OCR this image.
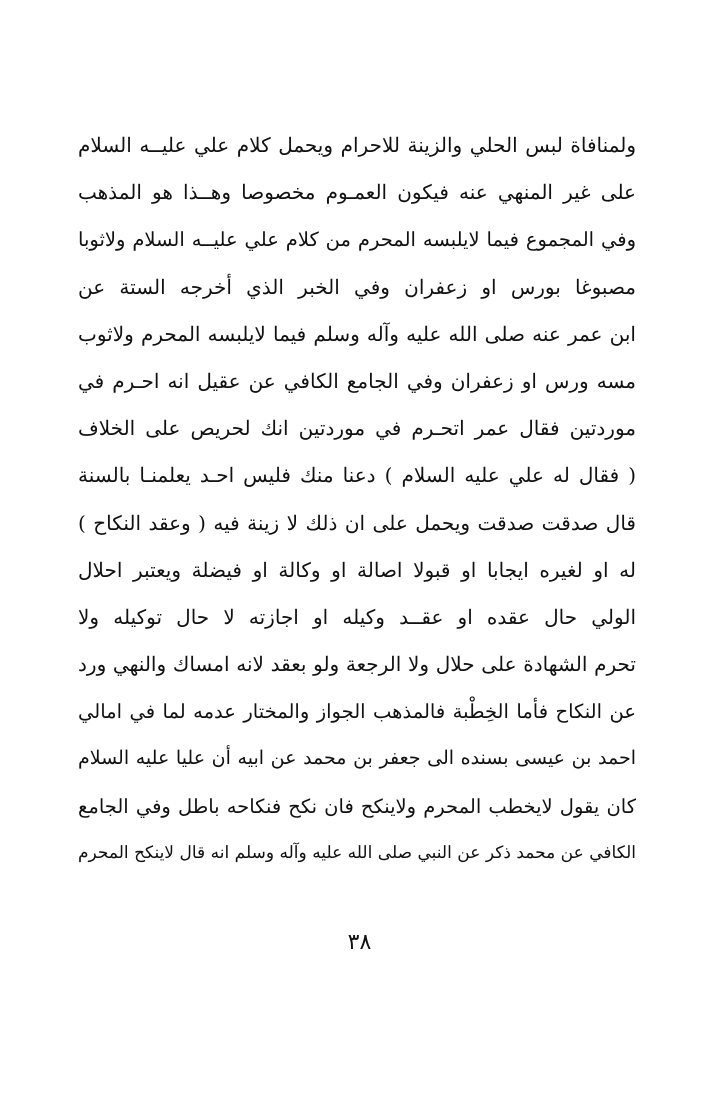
ولمنافاة لبس الحلي والزينة للاحرام ويحمل كلام علي عليــه السلام
على غير المنهي عنه فيكون العمـوم مخصوصا وهــذا هو المذهب
وفي المجموع فيما لايلبسه المحرم من كلام علي عليــه السلام ولاثوبا
مصبوغا بورس او زعفران وفي الخبر الذي أخرجه الستة عن
ابن عمر عنه صلى الله عليه وآله وسلم فيما لايلبسه المحرم ولاثوب
مسه ورس او زعفران وفي الجامع الكافي عن عقيل انه احـرم في
موردتين فقال عمر اتحـرم في موردتين انك لحريص على الخلاف
( فقال له علي عليه السلام ) دعنا منك فليس احـد يعلمنـا بالسنة
قال صدقت صدقت ويحمل على ان ذلك لا زينة فيه ( وعقد النكاح )
له او لغيره ايجابا او قبولا اصالة او وكالة او فيضلة ويعتبر احلال
الولي حال عقده او عقــد وكيله او اجازته لا حال توكيله ولا
تحرم الشهادة على حلال ولا الرجعة ولو بعقد لانه امساك والنهي ورد
عن النكاح فأما الخِطْبة فالمذهب الجواز والمختار عدمه لما في امالي
احمد بن عيسى بسنده الى جعفر بن محمد عن ابيه أن عليا عليه السلام
كان يقول لايخطب المحرم ولاينكح فان نكح فنكاحه باطل وفي الجامع
الكافي عن محمد ذكر عن النبي صلى الله عليه وآله وسلم انه قال لاينكح المحرم
٣٨
